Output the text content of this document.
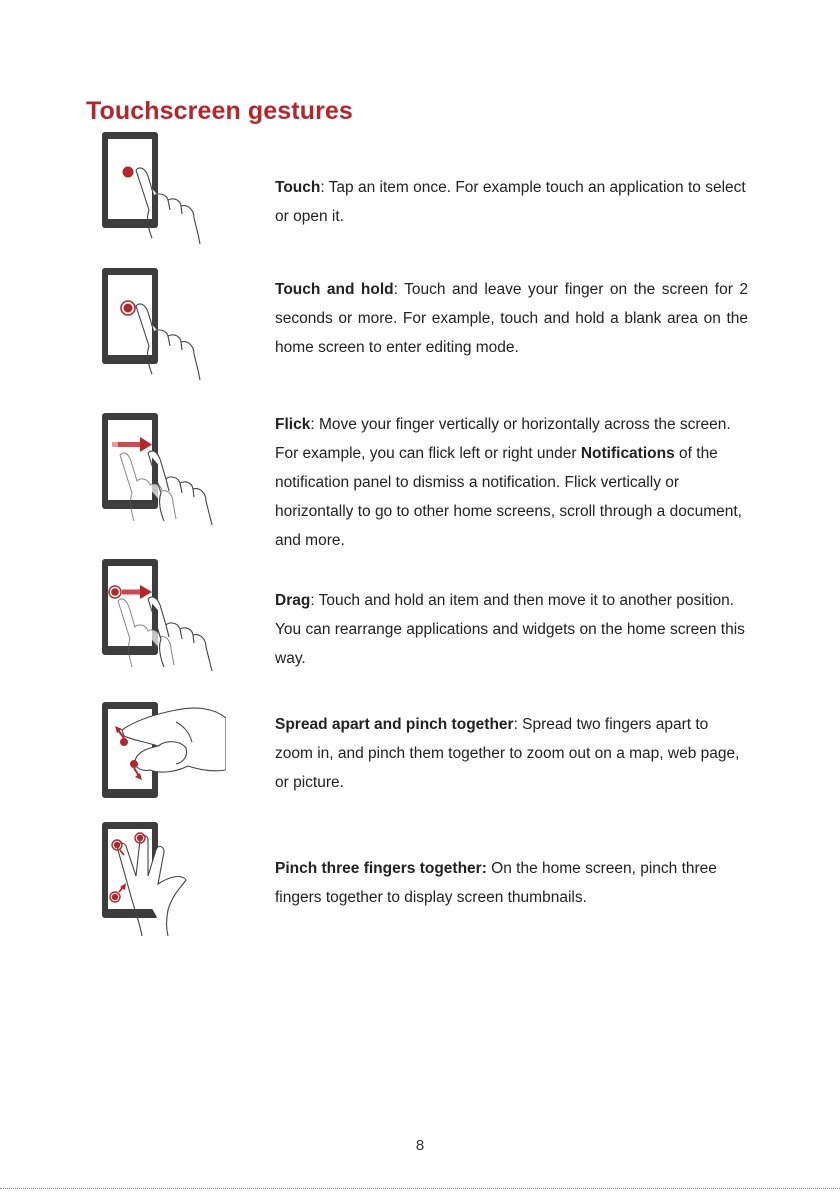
Touchscreen gestures

Touch: Tap an item once. For example touch an application to select or open it.

Touch and hold: Touch and leave your finger on the screen for 2 seconds or more. For example, touch and hold a blank area on the home screen to enter editing mode.

Flick: Move your finger vertically or horizontally across the screen. For example, you can flick left or right under Notifications of the notification panel to dismiss a notification. Flick vertically or horizontally to go to other home screens, scroll through a document, and more.

Drag: Touch and hold an item and then move it to another position. You can rearrange applications and widgets on the home screen this way.

Spread apart and pinch together: Spread two fingers apart to zoom in, and pinch them together to zoom out on a map, web page, or picture.

Pinch three fingers together: On the home screen, pinch three fingers together to display screen thumbnails.

8
